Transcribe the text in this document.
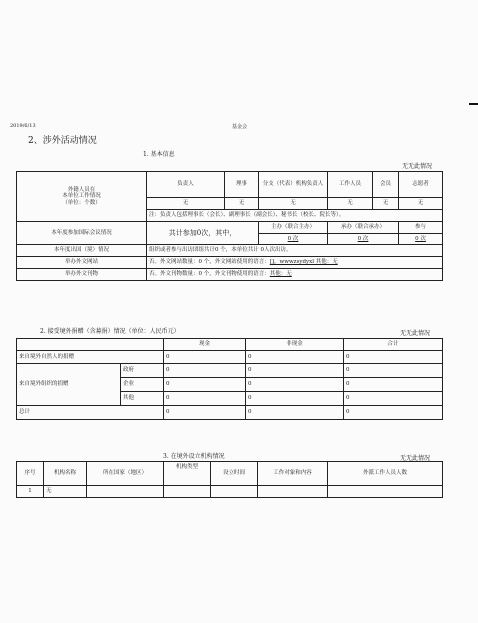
2019/6/13	基金会
2、涉外活动情况
1. 基本信息
无无此情况
外籍人员在
本单位工作情况
（单位：个数）	负责人	理事	分支（代表）机构负责人	工作人员	会员	志愿者
	无	无	无	无	无	无
	注：负责人包括理事长（会长）、副理事长（副会长）、秘书长（校长、院长等）。					
本年度参加国际会议情况	共计参加0次，其中，		主办（联合主办）	承办（联合承办）		参与
			0 次	0 次		0 次
本年度出国（境）情况	组织或者参与出访团组共计0 个，本单位共计 0人次出访。					
举办外文网站	否。外文网站数量：0 个，外文网站使用的语言：[]，wwwzsydyxl 其他：无					
举办外文刊物	否。外文刊物数量：0 个，外文刊物使用的语言：其他：无					
2. 接受境外捐赠（含募捐）情况（单位：人民币元）	无无此情况
		现金	非现金	合计
来自境外自然人的捐赠		0	0	0
来自境外组织的捐赠	政府	0	0	0
	企业	0	0	0
	其他	0	0	0
总计		0	0	0
3. 在境外设立机构情况	无无此情况
序号	机构名称	所在国家（地区）	机构类型	设立时间	工作对象和内容	外派工作人员人数
1	无					
